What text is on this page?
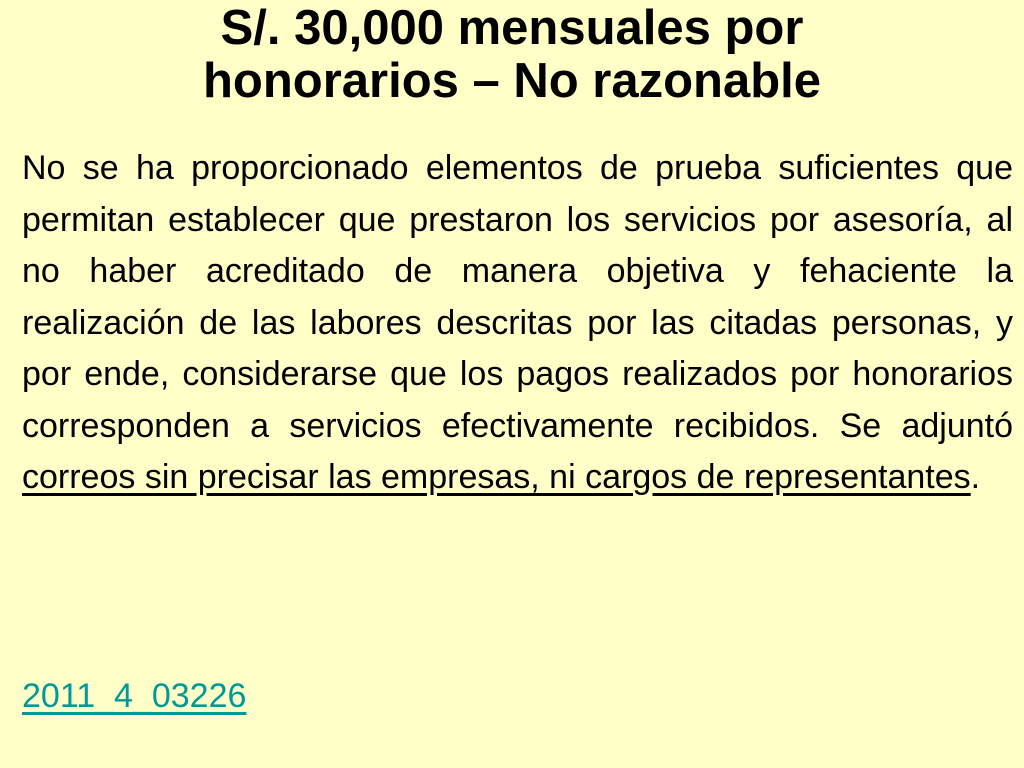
S/. 30,000 mensuales por
honorarios – No razonable

No se ha proporcionado elementos de prueba suficientes que permitan establecer que prestaron los servicios por asesoría, al no haber acreditado de manera objetiva y fehaciente la realización de las labores descritas por las citadas personas, y por ende, considerarse que los pagos realizados por honorarios corresponden a servicios efectivamente recibidos. Se adjuntó correos sin precisar las empresas, ni cargos de representantes.

2011_4_03226
